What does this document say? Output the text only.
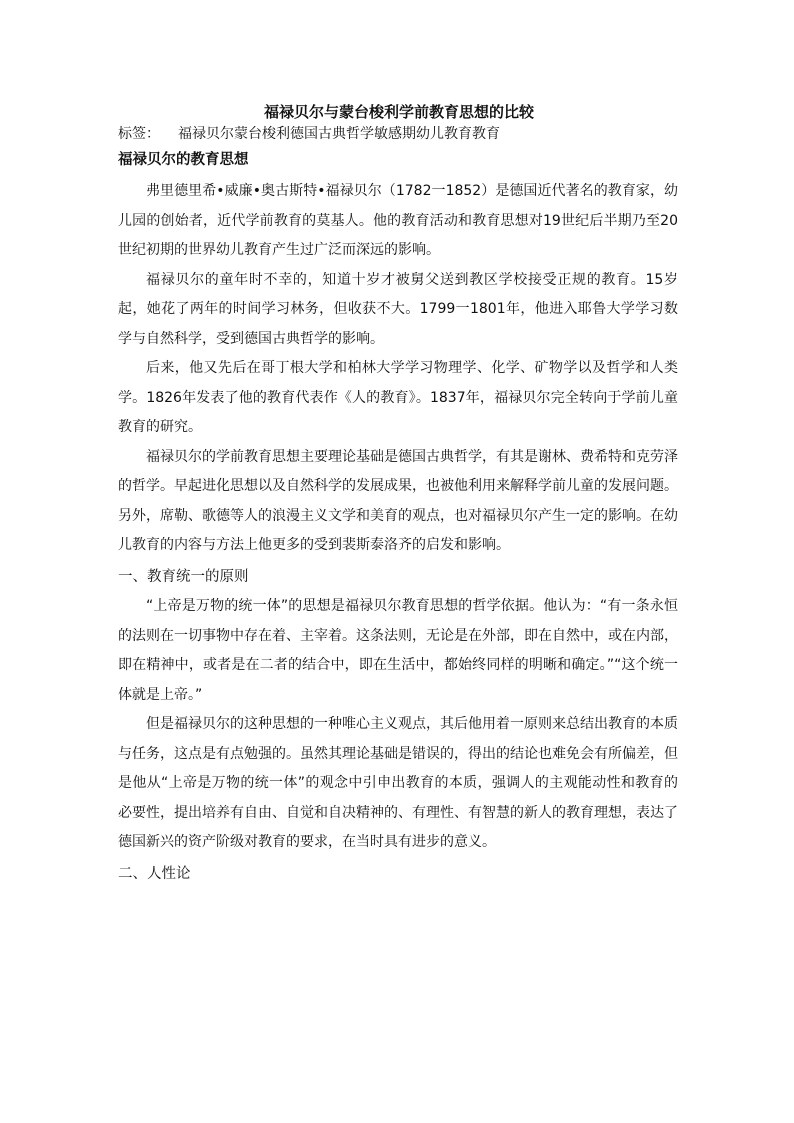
福禄贝尔与蒙台梭利学前教育思想的比较

标签： 福禄贝尔蒙台梭利德国古典哲学敏感期幼儿教育教育

福禄贝尔的教育思想

弗里德里希•威廉•奥古斯特•福禄贝尔（1782一1852）是德国近代著名的教育家，幼儿园的创始者，近代学前教育的莫基人。他的教育活动和教育思想对19世纪后半期乃至20世纪初期的世界幼儿教育产生过广泛而深远的影响。

福禄贝尔的童年时不幸的，知道十岁才被舅父送到教区学校接受正规的教育。15岁起，她花了两年的时间学习林务，但收获不大。1799一1801年，他进入耶鲁大学学习数学与自然科学，受到德国古典哲学的影响。

后来，他又先后在哥丁根大学和柏林大学学习物理学、化学、矿物学以及哲学和人类学。1826年发表了他的教育代表作《人的教育》。1837年，福禄贝尔完全转向于学前儿童教育的研究。

福禄贝尔的学前教育思想主要理论基础是德国古典哲学，有其是谢林、费希特和克劳泽的哲学。早起进化思想以及自然科学的发展成果，也被他利用来解释学前儿童的发展问题。另外，席勒、歌德等人的浪漫主义文学和美育的观点，也对福禄贝尔产生一定的影响。在幼儿教育的内容与方法上他更多的受到裴斯泰洛齐的启发和影响。

一、教育统一的原则

“上帝是万物的统一体”的思想是福禄贝尔教育思想的哲学依据。他认为：“有一条永恒的法则在一切事物中存在着、主宰着。这条法则，无论是在外部，即在自然中，或在内部，即在精神中，或者是在二者的结合中，即在生活中，都始终同样的明晰和确定。”“这个统一体就是上帝。”

但是福禄贝尔的这种思想的一种唯心主义观点，其后他用着一原则来总结出教育的本质与任务，这点是有点勉强的。虽然其理论基础是错误的，得出的结论也难免会有所偏差，但是他从“上帝是万物的统一体”的观念中引申出教育的本质，强调人的主观能动性和教育的必要性，提出培养有自由、自觉和自决精神的、有理性、有智慧的新人的教育理想，表达了德国新兴的资产阶级对教育的要求，在当时具有进步的意义。

二、人性论
